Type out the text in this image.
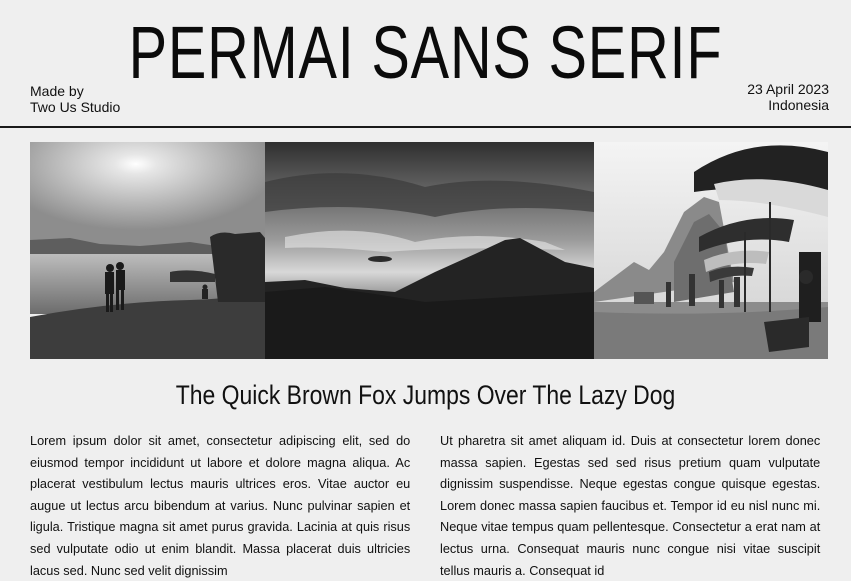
PERMAI SANS SERIF
Made by
Two Us Studio
23 April 2023
Indonesia
The Quick Brown Fox Jumps Over The Lazy Dog
Lorem ipsum dolor sit amet, consectetur adipiscing elit, sed do eiusmod tempor incididunt ut labore et dolore magna aliqua. Ac placerat vestibulum lectus mauris ultrices eros. Vitae auctor eu augue ut lectus arcu bibendum at varius. Nunc pulvinar sapien et ligula. Tristique magna sit amet purus gravida. Lacinia at quis risus sed vulputate odio ut enim blandit. Massa placerat duis ultricies lacus sed. Nunc sed velit dignissim
Ut pharetra sit amet aliquam id. Duis at consectetur lorem donec massa sapien. Egestas sed sed risus pretium quam vulputate dignissim suspendisse. Neque egestas congue quisque egestas. Lorem donec massa sapien faucibus et. Tempor id eu nisl nunc mi. Neque vitae tempus quam pellentesque. Consectetur a erat nam at lectus urna. Consequat mauris nunc congue nisi vitae suscipit tellus mauris a. Consequat id
